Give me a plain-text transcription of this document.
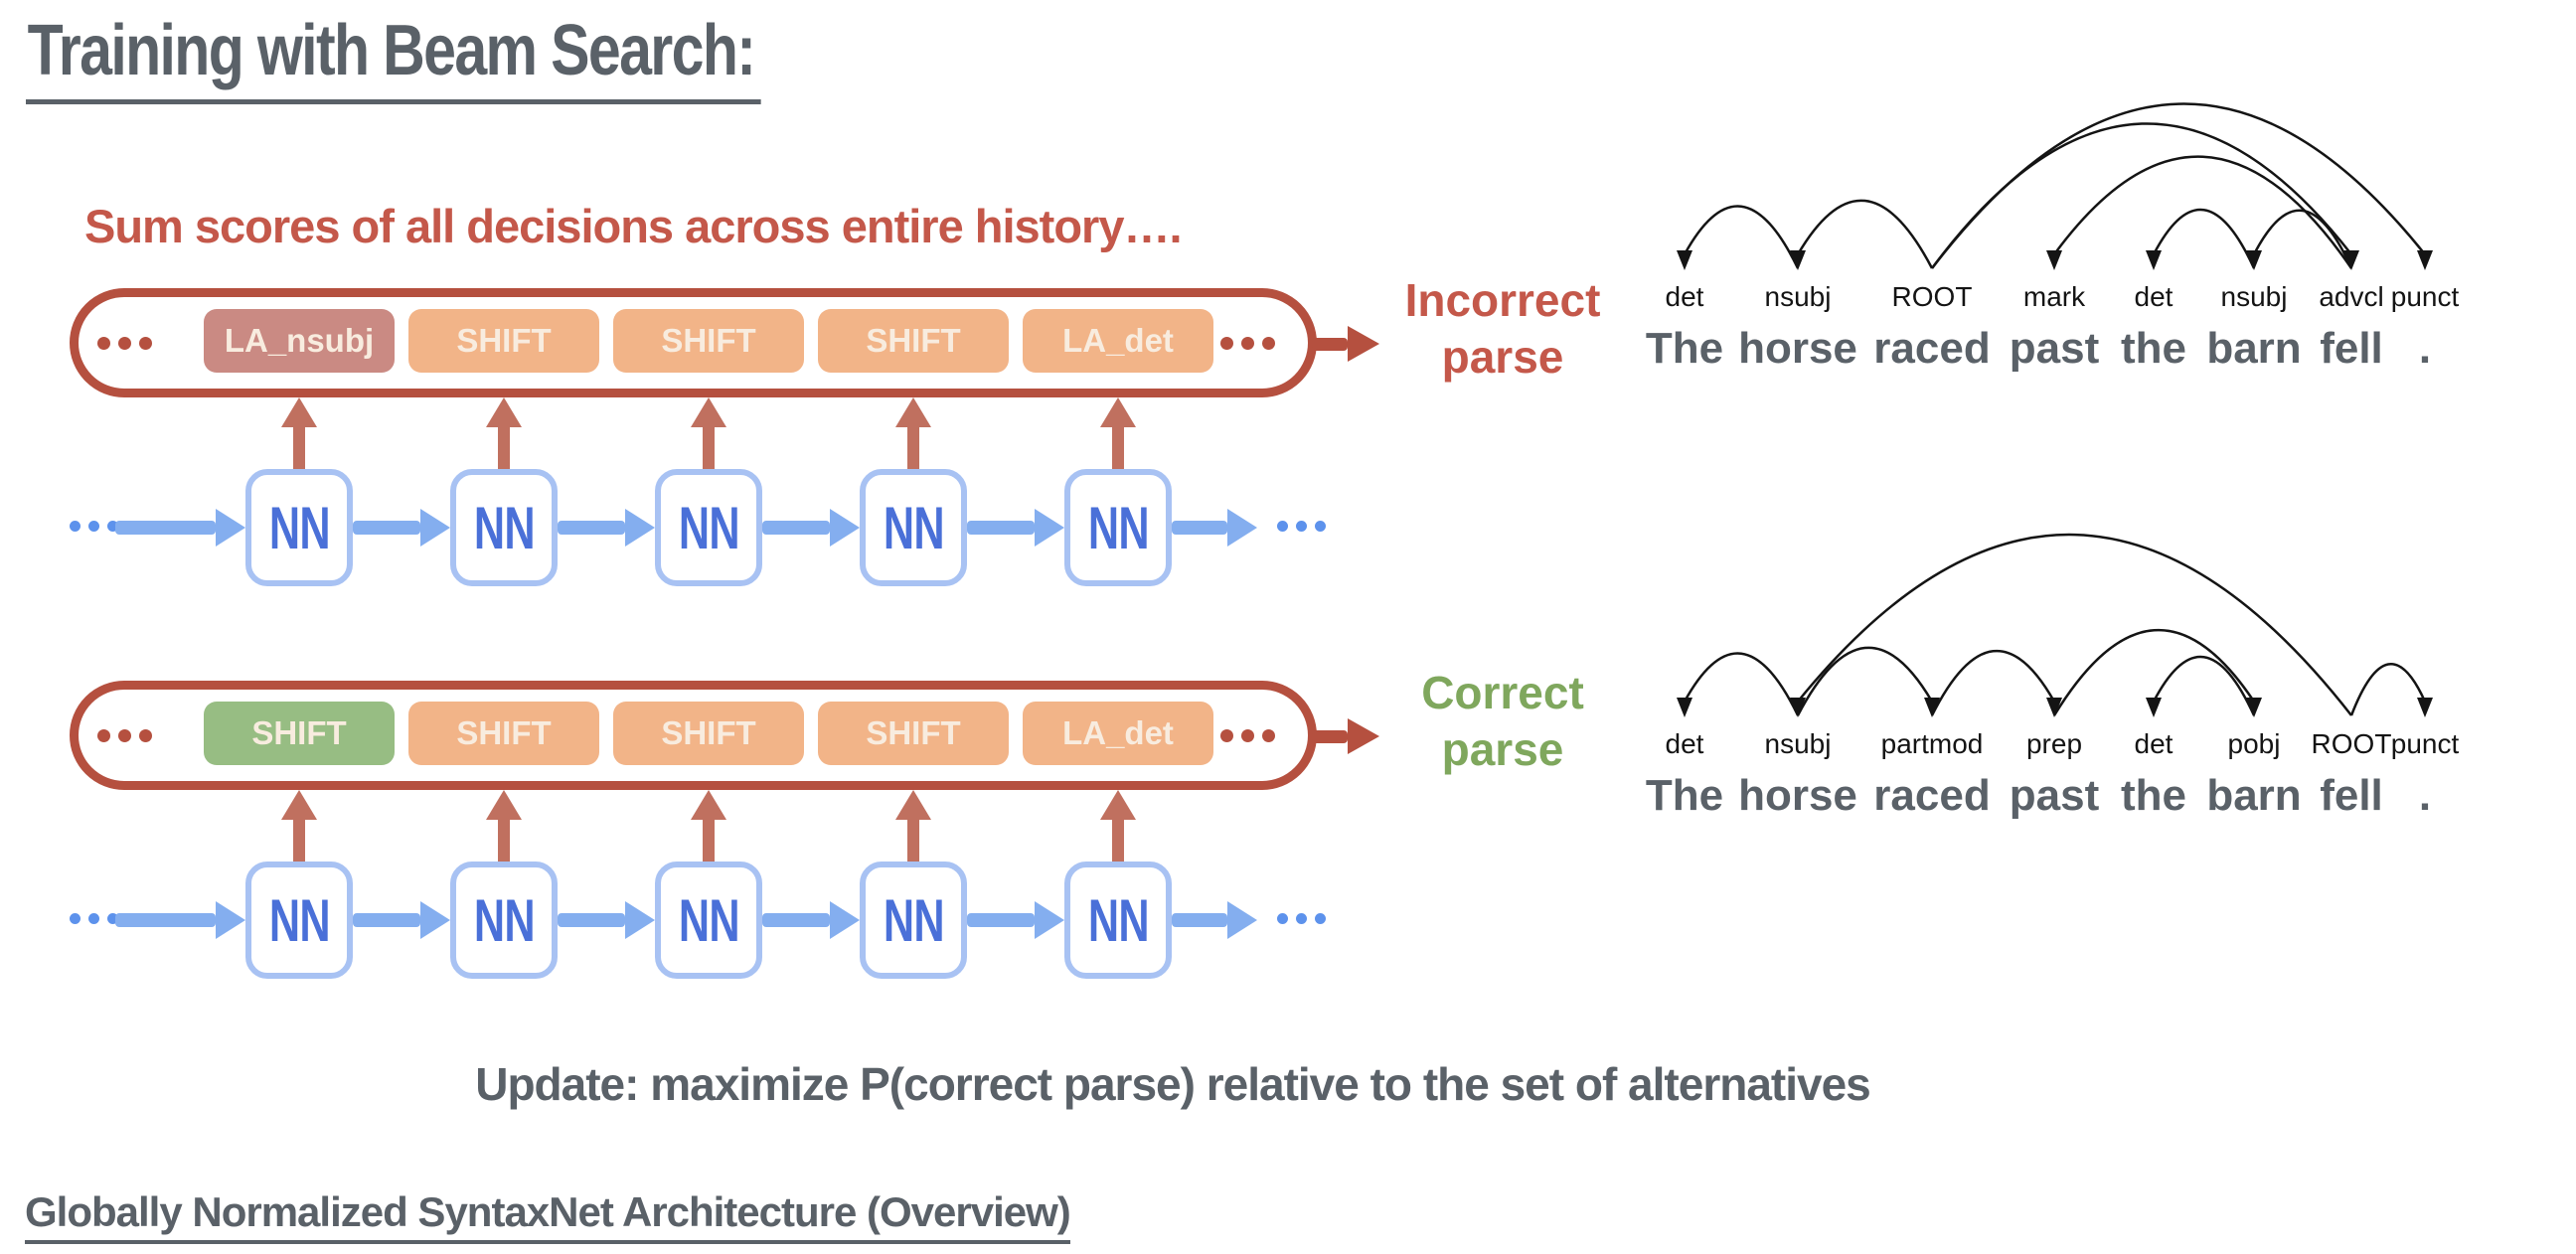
Training with Beam Search:
Sum scores of all decisions across entire history….
LA_nsubj	SHIFT	SHIFT	SHIFT	LA_det
Incorrect
parse
NN NN NN NN NN
SHIFT	SHIFT	SHIFT	SHIFT	LA_det
Correct
parse
NN NN NN NN NN
det nsubj ROOT mark det nsubj advcl punct
The horse raced past the barn fell .
det nsubj partmod prep det pobj ROOT punct
The horse raced past the barn fell .
Update: maximize P(correct parse) relative to the set of alternatives
Globally Normalized SyntaxNet Architecture (Overview)
